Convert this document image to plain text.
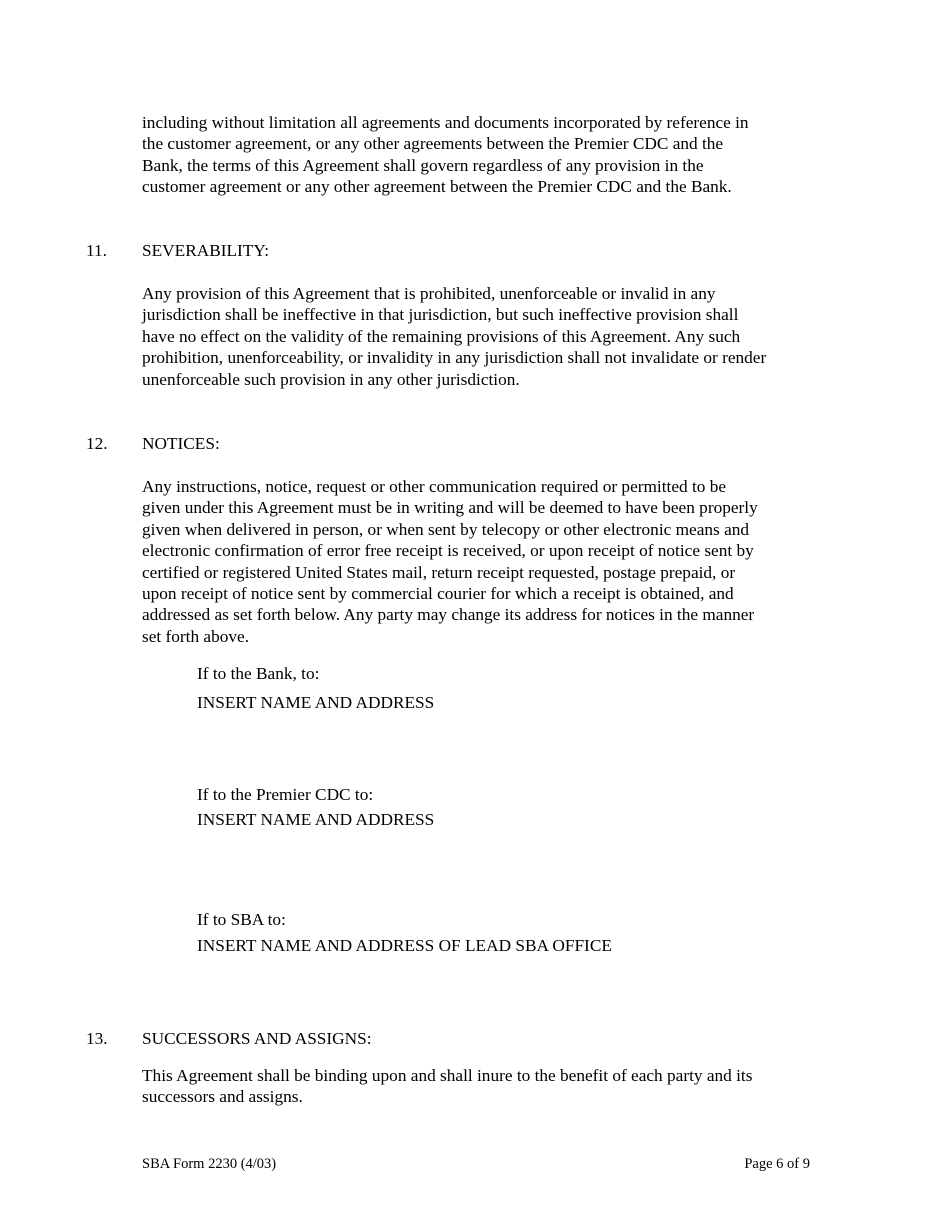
including without limitation all agreements and documents incorporated by reference in the customer agreement, or any other agreements between the Premier CDC and the Bank, the terms of this Agreement shall govern regardless of any provision in the customer agreement or any other agreement between the Premier CDC and the Bank.

11. SEVERABILITY:

Any provision of this Agreement that is prohibited, unenforceable or invalid in any jurisdiction shall be ineffective in that jurisdiction, but such ineffective provision shall have no effect on the validity of the remaining provisions of this Agreement. Any such prohibition, unenforceability, or invalidity in any jurisdiction shall not invalidate or render unenforceable such provision in any other jurisdiction.

12. NOTICES:

Any instructions, notice, request or other communication required or permitted to be given under this Agreement must be in writing and will be deemed to have been properly given when delivered in person, or when sent by telecopy or other electronic means and electronic confirmation of error free receipt is received, or upon receipt of notice sent by certified or registered United States mail, return receipt requested, postage prepaid, or upon receipt of notice sent by commercial courier for which a receipt is obtained, and addressed as set forth below. Any party may change its address for notices in the manner set forth above.

If to the Bank, to:
INSERT NAME AND ADDRESS
If to the Premier CDC to:
INSERT NAME AND ADDRESS
If to SBA to:
INSERT NAME AND ADDRESS OF LEAD SBA OFFICE
13. SUCCESSORS AND ASSIGNS:

This Agreement shall be binding upon and shall inure to the benefit of each party and its successors and assigns.

SBA Form 2230 (4/03)	Page 6 of 9
